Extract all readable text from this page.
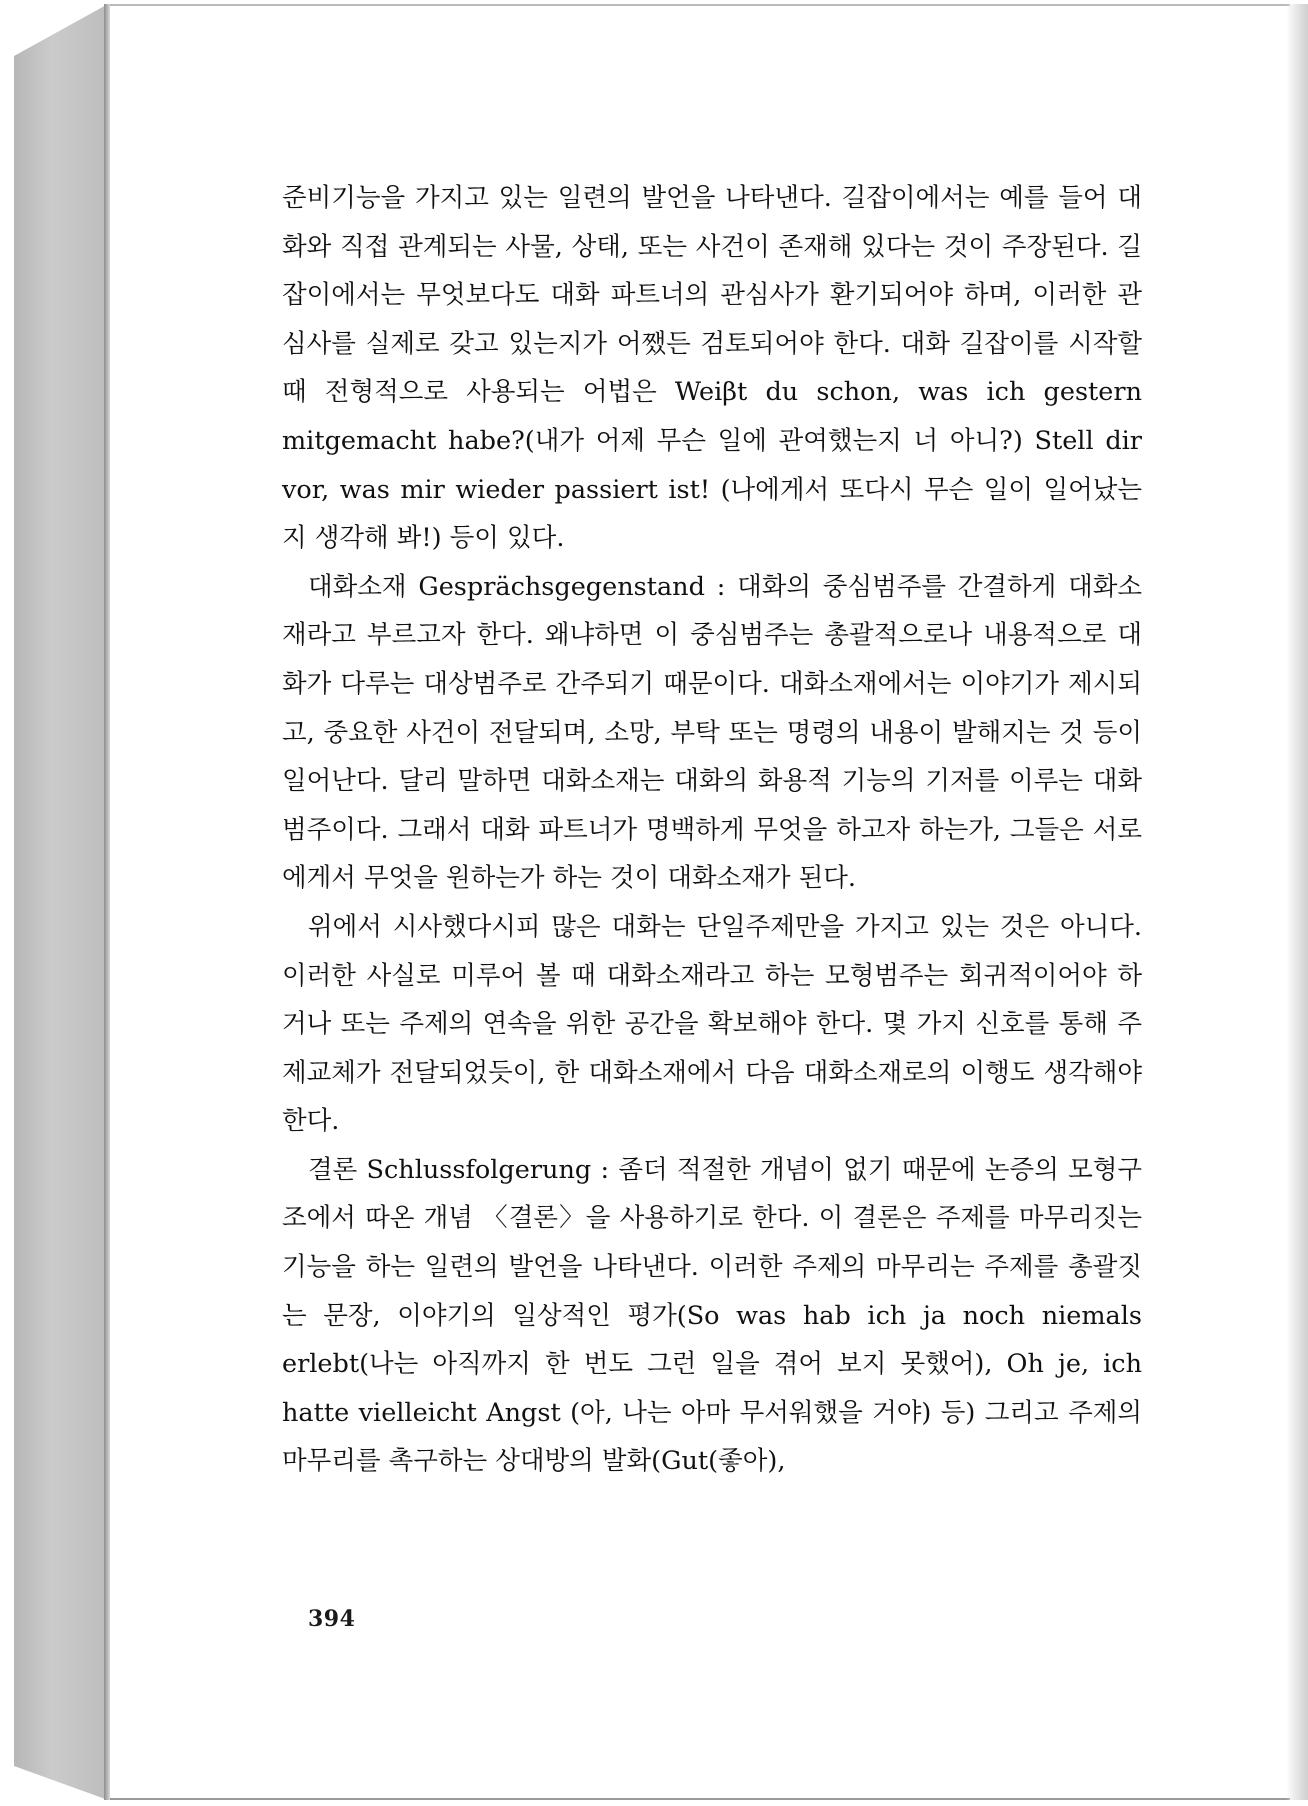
준비기능을 가지고 있는 일련의 발언을 나타낸다. 길잡이에서는 예를 들어 대화와 직접 관계되는 사물, 상태, 또는 사건이 존재해 있다는 것이 주장된다. 길잡이에서는 무엇보다도 대화 파트너의 관심사가 환기되어야 하며, 이러한 관심사를 실제로 갖고 있는지가 어쨌든 검토되어야 한다. 대화 길잡이를 시작할 때 전형적으로 사용되는 어법은 Weiβt du schon, was ich gestern mitgemacht habe?(내가 어제 무슨 일에 관여했는지 너 아니?) Stell dir vor, was mir wieder passiert ist! (나에게서 또다시 무슨 일이 일어났는지 생각해 봐!) 등이 있다.

대화소재 Gesprächsgegenstand : 대화의 중심범주를 간결하게 대화소재라고 부르고자 한다. 왜냐하면 이 중심범주는 총괄적으로나 내용적으로 대화가 다루는 대상범주로 간주되기 때문이다. 대화소재에서는 이야기가 제시되고, 중요한 사건이 전달되며, 소망, 부탁 또는 명령의 내용이 발해지는 것 등이 일어난다. 달리 말하면 대화소재는 대화의 화용적 기능의 기저를 이루는 대화범주이다. 그래서 대화 파트너가 명백하게 무엇을 하고자 하는가, 그들은 서로에게서 무엇을 원하는가 하는 것이 대화소재가 된다.

위에서 시사했다시피 많은 대화는 단일주제만을 가지고 있는 것은 아니다. 이러한 사실로 미루어 볼 때 대화소재라고 하는 모형범주는 회귀적이어야 하거나 또는 주제의 연속을 위한 공간을 확보해야 한다. 몇 가지 신호를 통해 주제교체가 전달되었듯이, 한 대화소재에서 다음 대화소재로의 이행도 생각해야 한다.

결론 Schlussfolgerung : 좀더 적절한 개념이 없기 때문에 논증의 모형구조에서 따온 개념 〈결론〉을 사용하기로 한다. 이 결론은 주제를 마무리짓는 기능을 하는 일련의 발언을 나타낸다. 이러한 주제의 마무리는 주제를 총괄짓는 문장, 이야기의 일상적인 평가(So was hab ich ja noch niemals erlebt(나는 아직까지 한 번도 그런 일을 겪어 보지 못했어), Oh je, ich hatte vielleicht Angst (아, 나는 아마 무서워했을 거야) 등) 그리고 주제의 마무리를 촉구하는 상대방의 발화(Gut(좋아),

394
